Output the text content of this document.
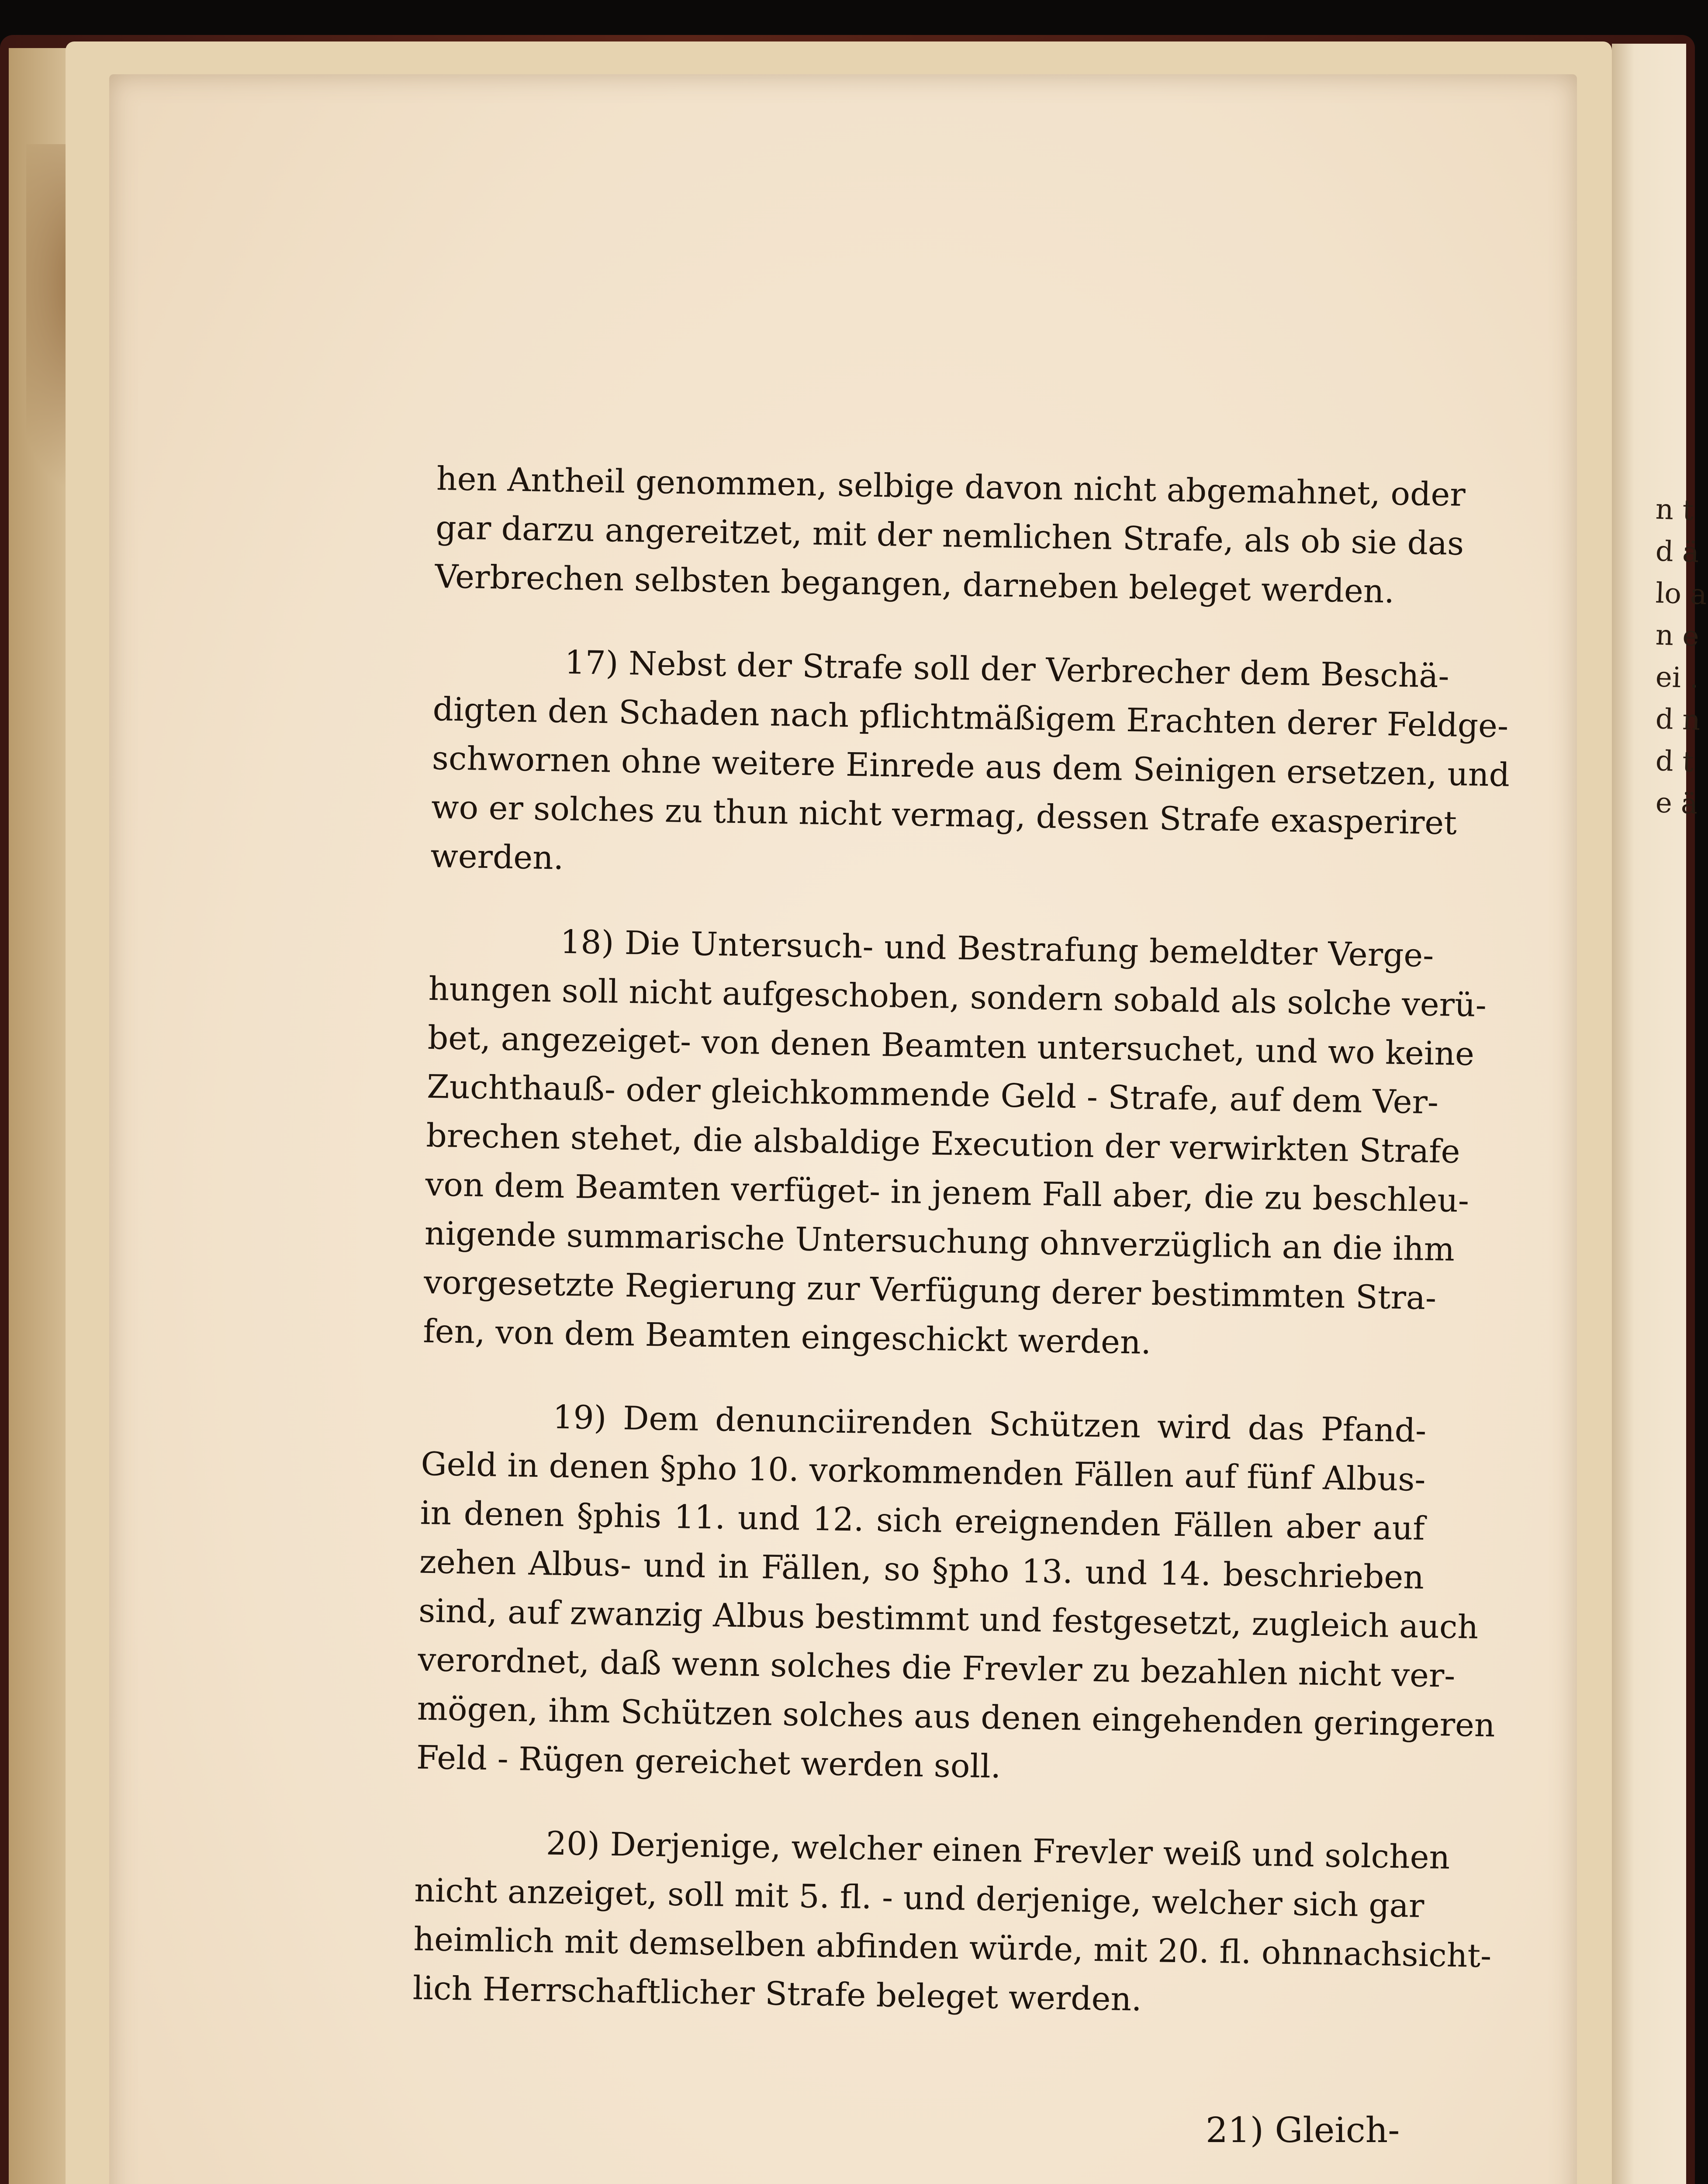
n t
d ä
lo a
n e
ei .
d n
d t
e ä
hen Antheil genommen, selbige davon nicht abgemahnet, oder
gar darzu angereitzet, mit der nemlichen Strafe, als ob sie das
Verbrechen selbsten begangen, darneben beleget werden.
17) Nebst der Strafe soll der Verbrecher dem Beschä-
digten den Schaden nach pflichtmäßigem Erachten derer Feldge-
schwornen ohne weitere Einrede aus dem Seinigen ersetzen, und
wo er solches zu thun nicht vermag, dessen Strafe exasperiret
werden.
18) Die Untersuch- und Bestrafung bemeldter Verge-
hungen soll nicht aufgeschoben, sondern sobald als solche verü-
bet, angezeiget- von denen Beamten untersuchet, und wo keine
Zuchthauß- oder gleichkommende Geld - Strafe, auf dem Ver-
brechen stehet, die alsbaldige Execution der verwirkten Strafe
von dem Beamten verfüget- in jenem Fall aber, die zu beschleu-
nigende summarische Untersuchung ohnverzüglich an die ihm
vorgesetzte Regierung zur Verfügung derer bestimmten Stra-
fen, von dem Beamten eingeschickt werden.
19) Dem denunciirenden Schützen wird das Pfand-
Geld in denen §pho 10. vorkommenden Fällen auf fünf Albus-
in denen §phis 11. und 12. sich ereignenden Fällen aber auf
zehen Albus- und in Fällen, so §pho 13. und 14. beschrieben
sind, auf zwanzig Albus bestimmt und festgesetzt, zugleich auch
verordnet, daß wenn solches die Frevler zu bezahlen nicht ver-
mögen, ihm Schützen solches aus denen eingehenden geringeren
Feld - Rügen gereichet werden soll.
20) Derjenige, welcher einen Frevler weiß und solchen
nicht anzeiget, soll mit 5. fl. - und derjenige, welcher sich gar
heimlich mit demselben abfinden würde, mit 20. fl. ohnnachsicht-
lich Herrschaftlicher Strafe beleget werden.
21) Gleich-
